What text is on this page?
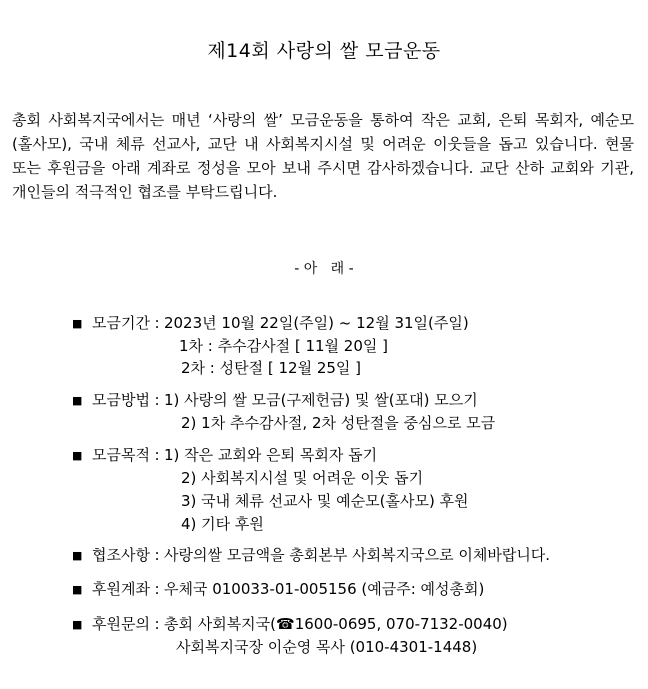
제14회 사랑의 쌀 모금운동
총회 사회복지국에서는 매년 ‘사랑의 쌀’ 모금운동을 통하여 작은 교회, 은퇴 목회자, 예순모(홀사모), 국내 체류 선교사, 교단 내 사회복지시설 및 어려운 이웃들을 돕고 있습니다. 현물 또는 후원금을 아래 계좌로 정성을 모아 보내 주시면 감사하겠습니다. 교단 산하 교회와 기관, 개인들의 적극적인 협조를 부탁드립니다.
- 아   래 -
■ 모금기간 : 2023년 10월 22일(주일) ~ 12월 31일(주일)
1차 : 추수감사절 [ 11월 20일 ]
2차 : 성탄절 [ 12월 25일 ]
■ 모금방법 : 1) 사랑의 쌀 모금(구제헌금) 및 쌀(포대) 모으기
2) 1차 추수감사절, 2차 성탄절을 중심으로 모금
■ 모금목적 : 1) 작은 교회와 은퇴 목회자 돕기
2) 사회복지시설 및 어려운 이웃 돕기
3) 국내 체류 선교사 및 예순모(홀사모) 후원
4) 기타 후원
■ 협조사항 : 사랑의쌀 모금액을 총회본부 사회복지국으로 이체바랍니다.
■ 후원계좌 : 우체국 010033-01-005156 (예금주: 예성총회)
■ 후원문의 : 총회 사회복지국(☎1600-0695, 070-7132-0040)
사회복지국장 이순영 목사 (010-4301-1448)
